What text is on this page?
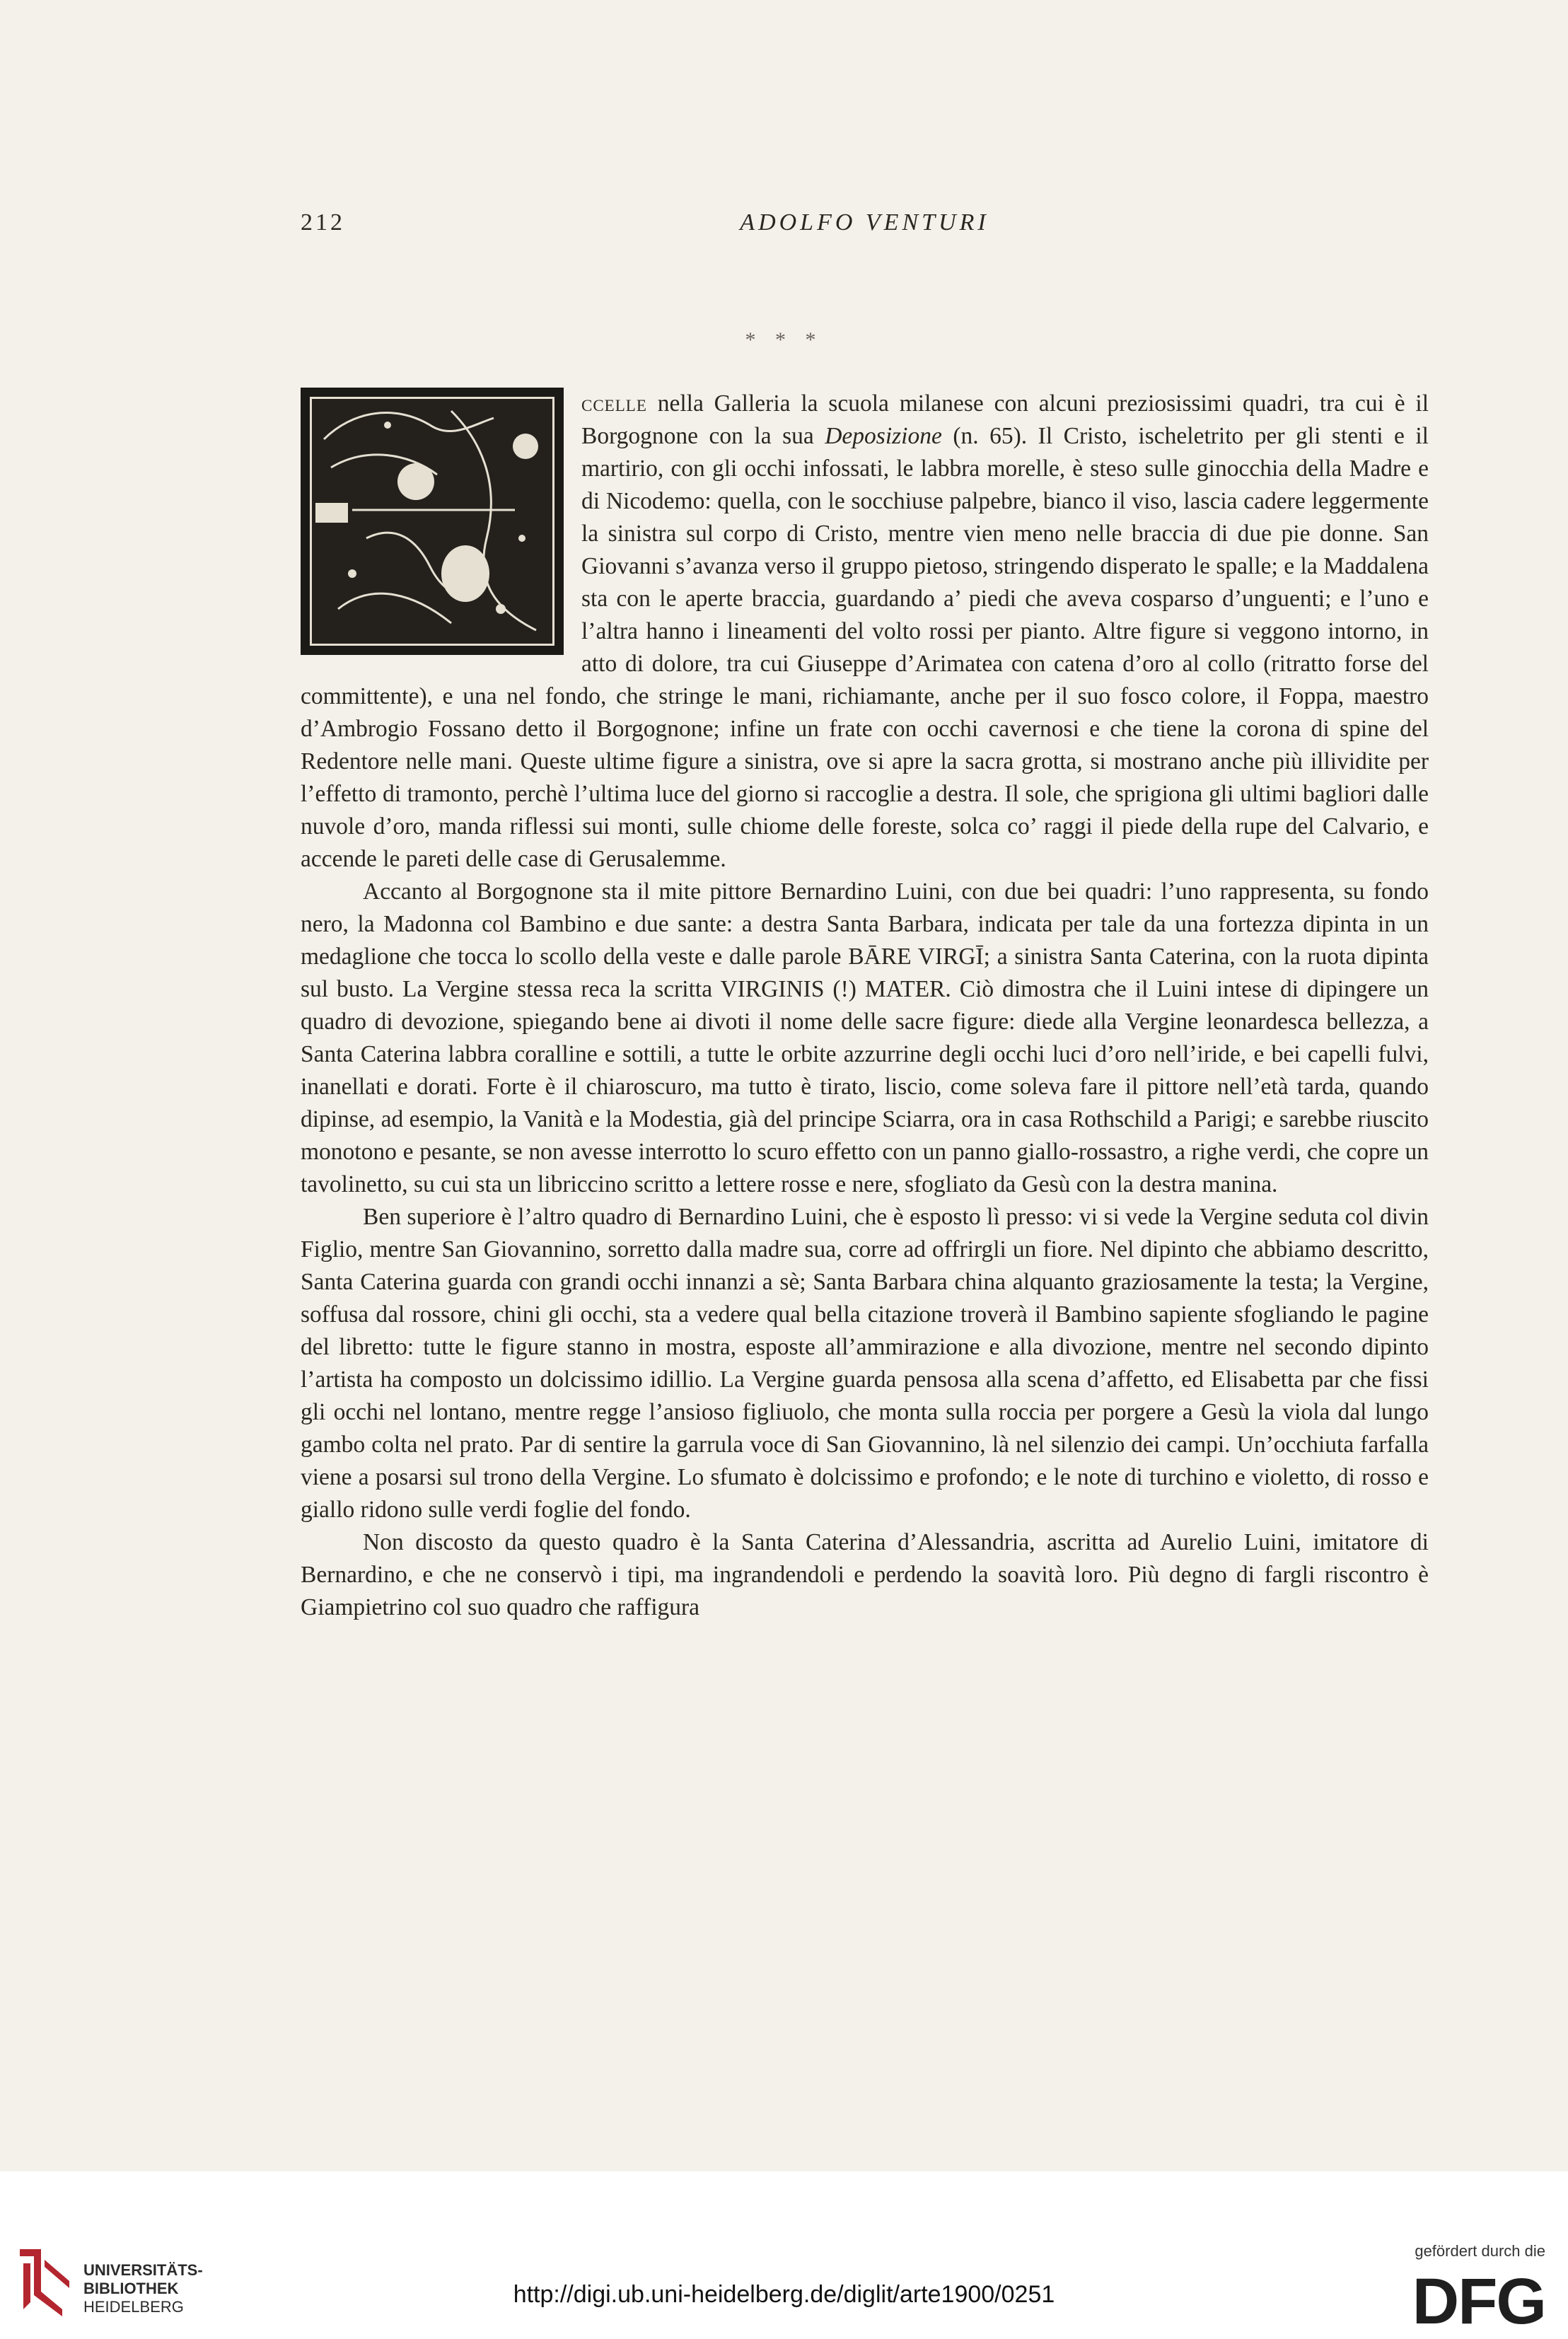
212	ADOLFO VENTURI
* * *

ccelle nella Galleria la scuola milanese con alcuni preziosissimi quadri, tra cui è il Borgognone con la sua Deposizione (n. 65). Il Cristo, ischeletrito per gli stenti e il martirio, con gli occhi infossati, le labbra morelle, è steso sulle ginocchia della Madre e di Nicodemo: quella, con le socchiuse palpebre, bianco il viso, lascia cadere leggermente la sinistra sul corpo di Cristo, mentre vien meno nelle braccia di due pie donne. San Giovanni s’avanza verso il gruppo pietoso, stringendo disperato le spalle; e la Maddalena sta con le aperte braccia, guardando a’ piedi che aveva cosparso d’unguenti; e l’uno e l’altra hanno i lineamenti del volto rossi per pianto. Altre figure si veggono intorno, in atto di dolore, tra cui Giuseppe d’Arimatea con catena d’oro al collo (ritratto forse del committente), e una nel fondo, che stringe le mani, richiamante, anche per il suo fosco colore, il Foppa, maestro d’Ambrogio Fossano detto il Borgognone; infine un frate con occhi cavernosi e che tiene la corona di spine del Redentore nelle mani. Queste ultime figure a sinistra, ove si apre la sacra grotta, si mostrano anche più illividite per l’effetto di tramonto, perchè l’ultima luce del giorno si raccoglie a destra. Il sole, che sprigiona gli ultimi bagliori dalle nuvole d’oro, manda riflessi sui monti, sulle chiome delle foreste, solca co’ raggi il piede della rupe del Calvario, e accende le pareti delle case di Gerusalemme.

Accanto al Borgognone sta il mite pittore Bernardino Luini, con due bei quadri: l’uno rappresenta, su fondo nero, la Madonna col Bambino e due sante: a destra Santa Barbara, indicata per tale da una fortezza dipinta in un medaglione che tocca lo scollo della veste e dalle parole BĀRE VIRGĪ; a sinistra Santa Caterina, con la ruota dipinta sul busto. La Vergine stessa reca la scritta VIRGINIS (!) MATER. Ciò dimostra che il Luini intese di dipingere un quadro di devozione, spiegando bene ai divoti il nome delle sacre figure: diede alla Vergine leonardesca bellezza, a Santa Caterina labbra coralline e sottili, a tutte le orbite azzurrine degli occhi luci d’oro nell’iride, e bei capelli fulvi, inanellati e dorati. Forte è il chiaroscuro, ma tutto è tirato, liscio, come soleva fare il pittore nell’età tarda, quando dipinse, ad esempio, la Vanità e la Modestia, già del principe Sciarra, ora in casa Rothschild a Parigi; e sarebbe riuscito monotono e pesante, se non avesse interrotto lo scuro effetto con un panno giallo-rossastro, a righe verdi, che copre un tavolinetto, su cui sta un libriccino scritto a lettere rosse e nere, sfogliato da Gesù con la destra manina.

Ben superiore è l’altro quadro di Bernardino Luini, che è esposto lì presso: vi si vede la Vergine seduta col divin Figlio, mentre San Giovannino, sorretto dalla madre sua, corre ad offrirgli un fiore. Nel dipinto che abbiamo descritto, Santa Caterina guarda con grandi occhi innanzi a sè; Santa Barbara china alquanto graziosamente la testa; la Vergine, soffusa dal rossore, chini gli occhi, sta a vedere qual bella citazione troverà il Bambino sapiente sfogliando le pagine del libretto: tutte le figure stanno in mostra, esposte all’ammirazione e alla divozione, mentre nel secondo dipinto l’artista ha composto un dolcissimo idillio. La Vergine guarda pensosa alla scena d’affetto, ed Elisabetta par che fissi gli occhi nel lontano, mentre regge l’ansioso figliuolo, che monta sulla roccia per porgere a Gesù la viola dal lungo gambo colta nel prato. Par di sentire la garrula voce di San Giovannino, là nel silenzio dei campi. Un’occhiuta farfalla viene a posarsi sul trono della Vergine. Lo sfumato è dolcissimo e profondo; e le note di turchino e violetto, di rosso e giallo ridono sulle verdi foglie del fondo.

Non discosto da questo quadro è la Santa Caterina d’Alessandria, ascritta ad Aurelio Luini, imitatore di Bernardino, e che ne conservò i tipi, ma ingrandendoli e perdendo la soavità loro. Più degno di fargli riscontro è Giampietrino col suo quadro che raffigura

UNIVERSITÄTS-
BIBLIOTHEK
HEIDELBERG	http://digi.ub.uni-heidelberg.de/diglit/arte1900/0251
gefördert durch die
DFG
